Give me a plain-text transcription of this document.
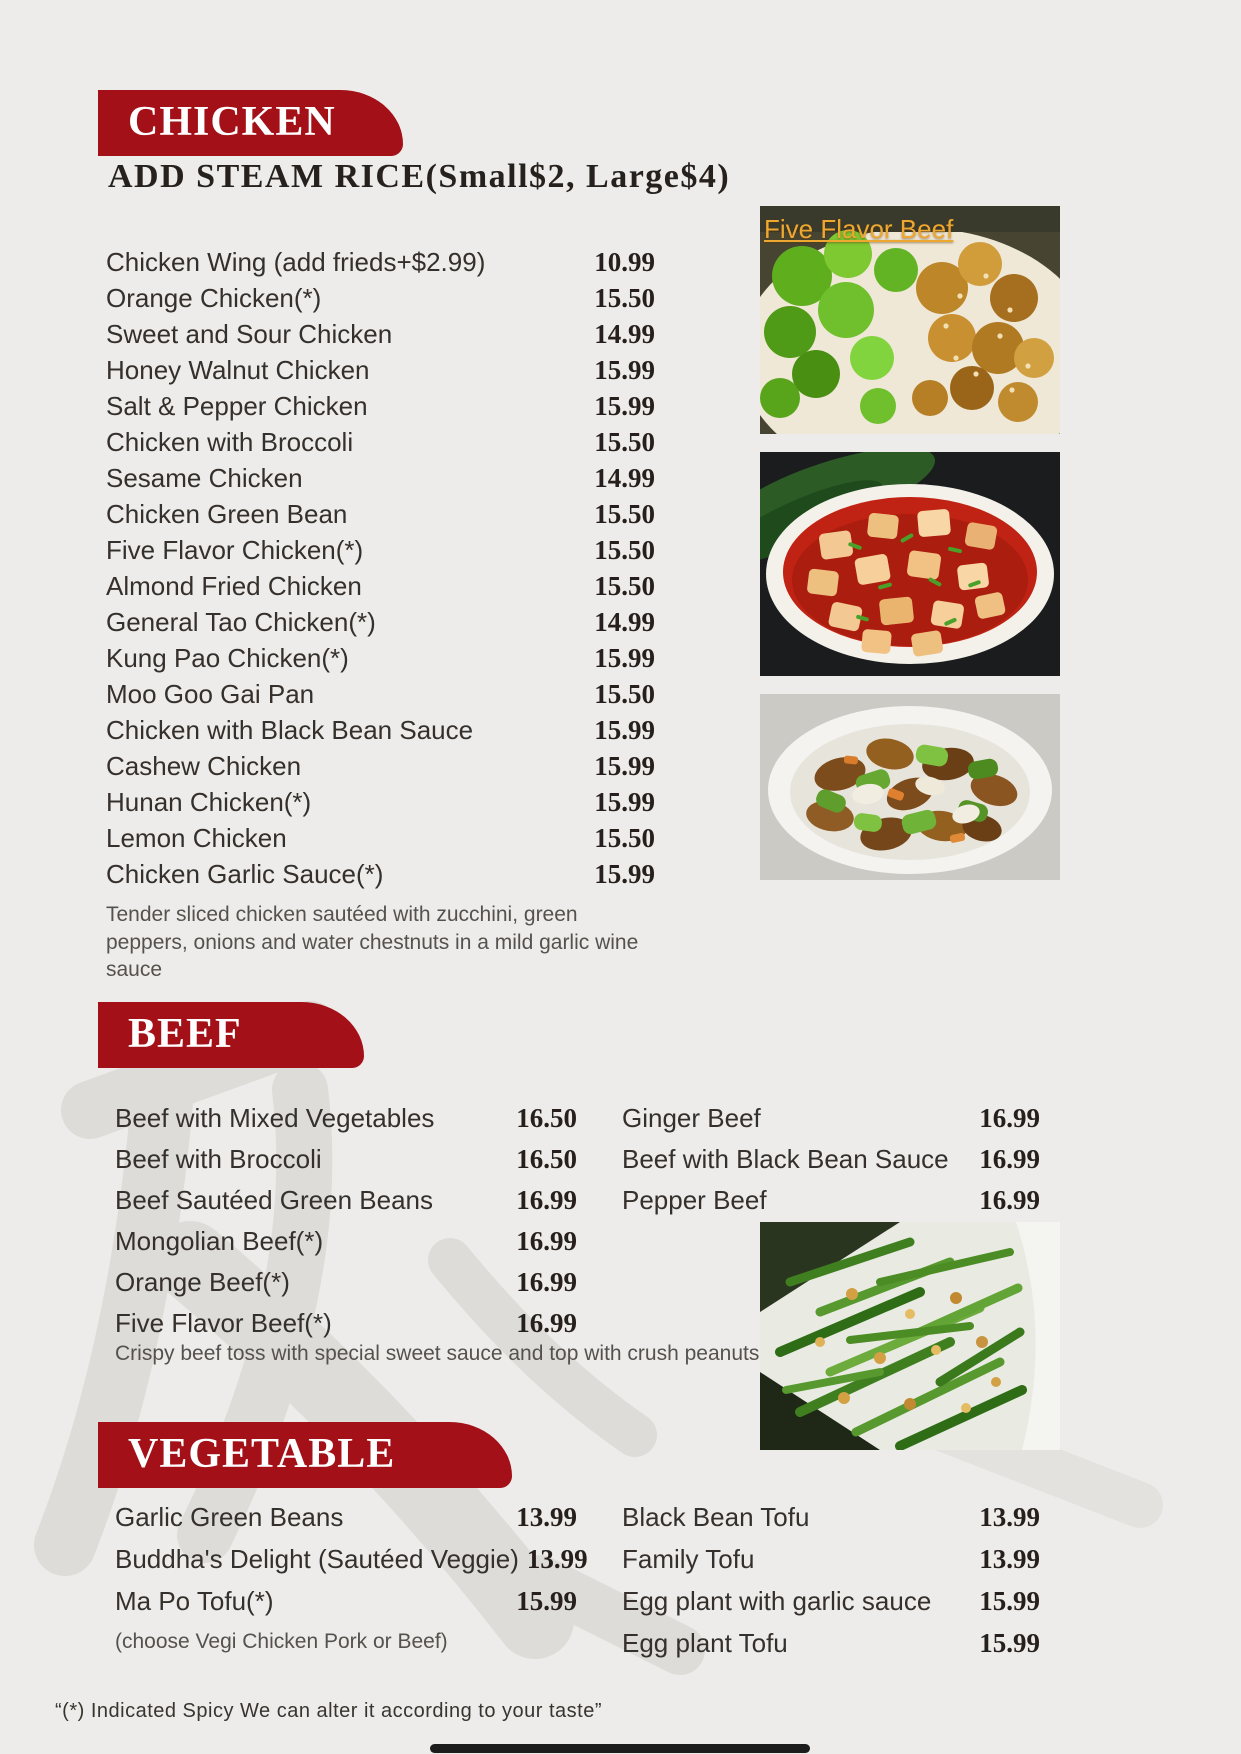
CHICKEN
ADD STEAM RICE(Small$2, Large$4)
Chicken Wing (add frieds+$2.99)	10.99
Orange Chicken(*)	15.50
Sweet and Sour Chicken	14.99
Honey Walnut Chicken	15.99
Salt & Pepper Chicken	15.99
Chicken with Broccoli	15.50
Sesame Chicken	14.99
Chicken Green Bean	15.50
Five Flavor Chicken(*)	15.50
Almond Fried Chicken	15.50
General Tao Chicken(*)	14.99
Kung Pao Chicken(*)	15.99
Moo Goo Gai Pan	15.50
Chicken with Black Bean Sauce	15.99
Cashew Chicken	15.99
Hunan Chicken(*)	15.99
Lemon Chicken	15.50
Chicken Garlic Sauce(*)	15.99
Tender sliced chicken sautéed with zucchini, green peppers, onions and water chestnuts in a mild garlic wine sauce
Five Flavor Beef
BEEF
Beef with Mixed Vegetables	16.50
Beef with Broccoli	16.50
Beef Sautéed Green Beans	16.99
Mongolian Beef(*)	16.99
Orange Beef(*)	16.99
Five Flavor Beef(*)	16.99
Ginger Beef	16.99
Beef with Black Bean Sauce 16.99
Pepper Beef	16.99
Crispy beef toss with special sweet sauce and top with crush peanuts
VEGETABLE
Garlic Green Beans	13.99
Buddha's Delight (Sautéed Veggie) 13.99
Ma Po Tofu(*)	15.99
(choose Vegi Chicken Pork or Beef)
Black Bean Tofu	13.99
Family Tofu	13.99
Egg plant with garlic sauce 15.99
Egg plant Tofu	15.99
“(*) Indicated Spicy We can alter it according to your taste”
